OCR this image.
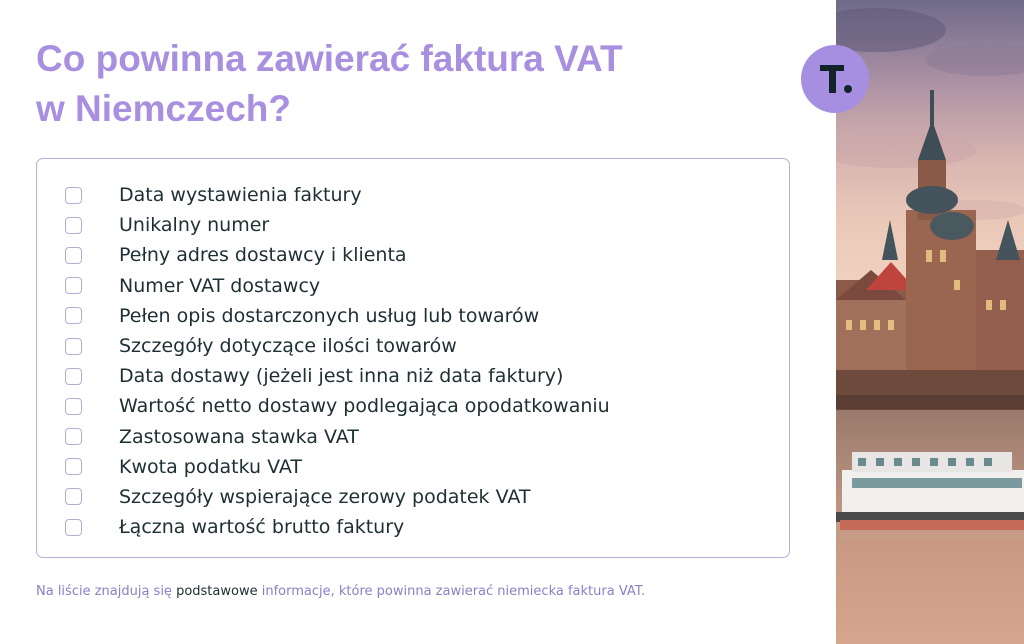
Co powinna zawierać faktura VAT
w Niemczech?
Data wystawienia faktury
Unikalny numer
Pełny adres dostawcy i klienta
Numer VAT dostawcy
Pełen opis dostarczonych usług lub towarów
Szczegóły dotyczące ilości towarów
Data dostawy (jeżeli jest inna niż data faktury)
Wartość netto dostawy podlegająca opodatkowaniu
Zastosowana stawka VAT
Kwota podatku VAT
Szczegóły wspierające zerowy podatek VAT
Łączna wartość brutto faktury

Na liście znajdują się podstawowe informacje, które powinna zawierać niemiecka faktura VAT.
